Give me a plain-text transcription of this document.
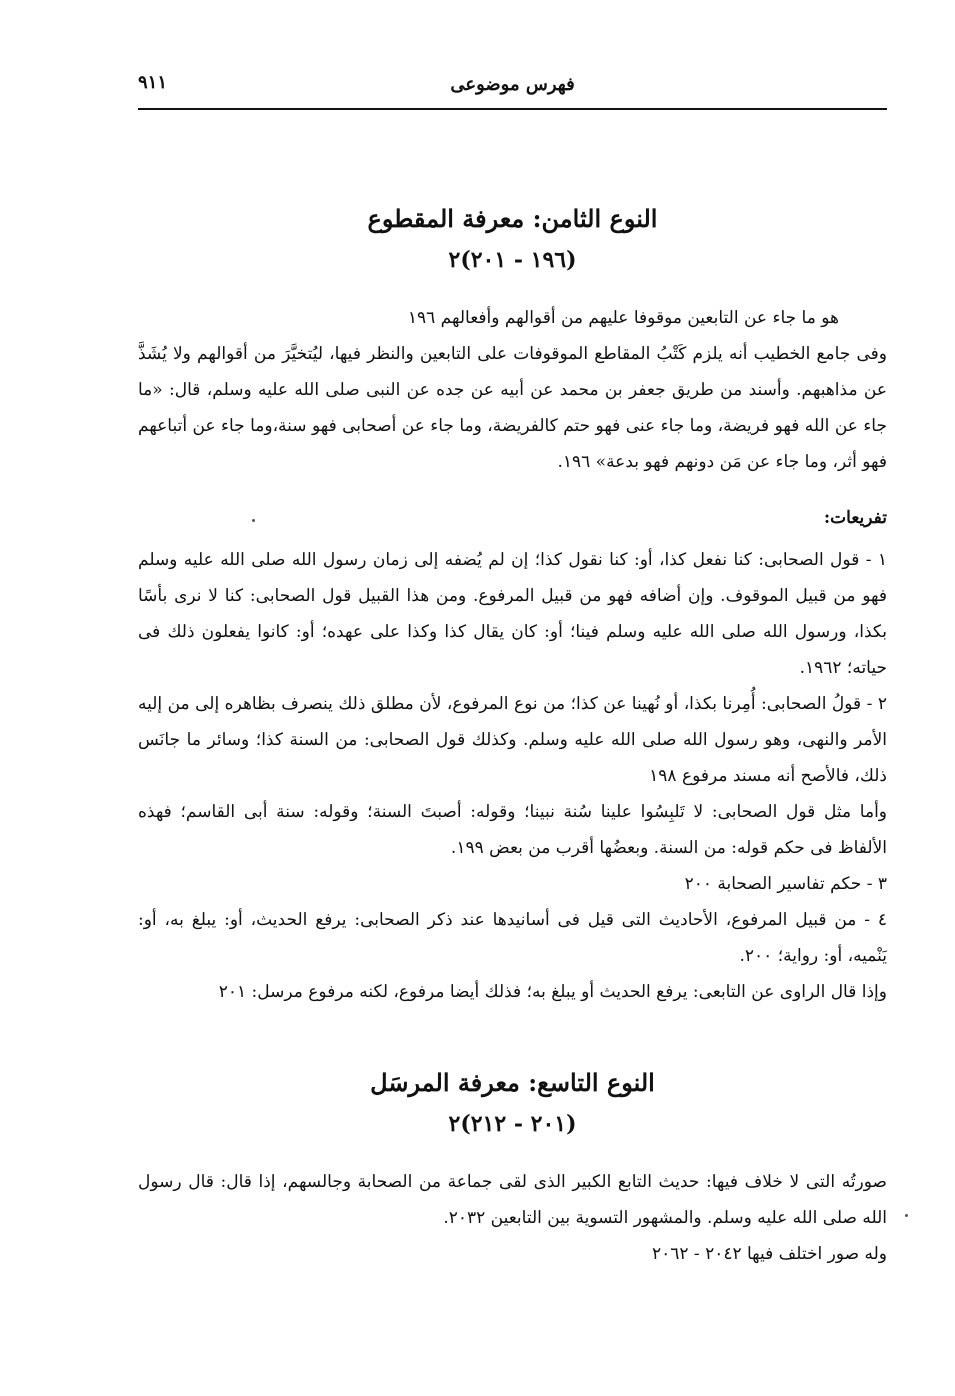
٩١١	فهرس موضوعى
النوع الثامن: معرفة المقطوع
(١٩٦ - ٢٠١)٢

هو ما جاء عن التابعين موقوفا عليهم من أقوالهم وأفعالهم ١٩٦

وفى جامع الخطيب أنه يلزم كَتْبُ المقاطع الموقوفات على التابعين والنظر فيها، ليُتخيَّرَ من أقوالهم ولا يُشَذَّ عن مذاهبهم. وأسند من طريق جعفر بن محمد عن أبيه عن جده عن النبى صلى الله عليه وسلم، قال: «ما جاء عن الله فهو فريضة، وما جاء عنى فهو حتم كالفريضة، وما جاء عن أصحابى فهو سنة،وما جاء عن أتباعهم فهو أثر، وما جاء عن مَن دونهم فهو بدعة» ١٩٦.

تفريعات:

١ - قول الصحابى: كنا نفعل كذا، أو: كنا نقول كذا؛ إن لم يُضفه إلى زمان رسول الله صلى الله عليه وسلم فهو من قبيل الموقوف. وإن أضافه فهو من قبيل المرفوع. ومن هذا القبيل قول الصحابى: كنا لا نرى بأسًا بكذا، ورسول الله صلى الله عليه وسلم فينا؛ أو: كان يقال كذا وكذا على عهده؛ أو: كانوا يفعلون ذلك فى حياته؛ ١٩٦٢.

٢ - قولُ الصحابى: أُمِرنا بكذا، أو نُهينا عن كذا؛ من نوع المرفوع، لأن مطلق ذلك ينصرف بظاهره إلى من إليه الأمر والنهى، وهو رسول الله صلى الله عليه وسلم. وكذلك قول الصحابى: من السنة كذا؛ وسائر ما جانَس ذلك، فالأصح أنه مسند مرفوع ١٩٨

وأما مثل قول الصحابى: لا تَلبِسُوا علينا سُنة نبينا؛ وقوله: أصبتَ السنة؛ وقوله: سنة أبى القاسم؛ فهذه الألفاظ فى حكم قوله: من السنة. وبعضُها أقرب من بعض ١٩٩.

٣ - حكم تفاسير الصحابة ٢٠٠

٤ - من قبيل المرفوع، الأحاديث التى قيل فى أسانيدها عند ذكر الصحابى: يرفع الحديث، أو: يبلغ به، أو: يَنْميه، أو: رواية؛ ٢٠٠.

وإذا قال الراوى عن التابعى: يرفع الحديث أو يبلغ به؛ فذلك أيضا مرفوع، لكنه مرفوع مرسل: ٢٠١

النوع التاسع: معرفة المرسَل
(٢٠١ - ٢١٢)٢

صورتُه التى لا خلاف فيها: حديث التابع الكبير الذى لقى جماعة من الصحابة وجالسهم، إذا قال: قال رسول الله صلى الله عليه وسلم. والمشهور التسوية بين التابعين ٢٠٣٢.

وله صور اختلف فيها ٢٠٤٢ - ٢٠٦٢
